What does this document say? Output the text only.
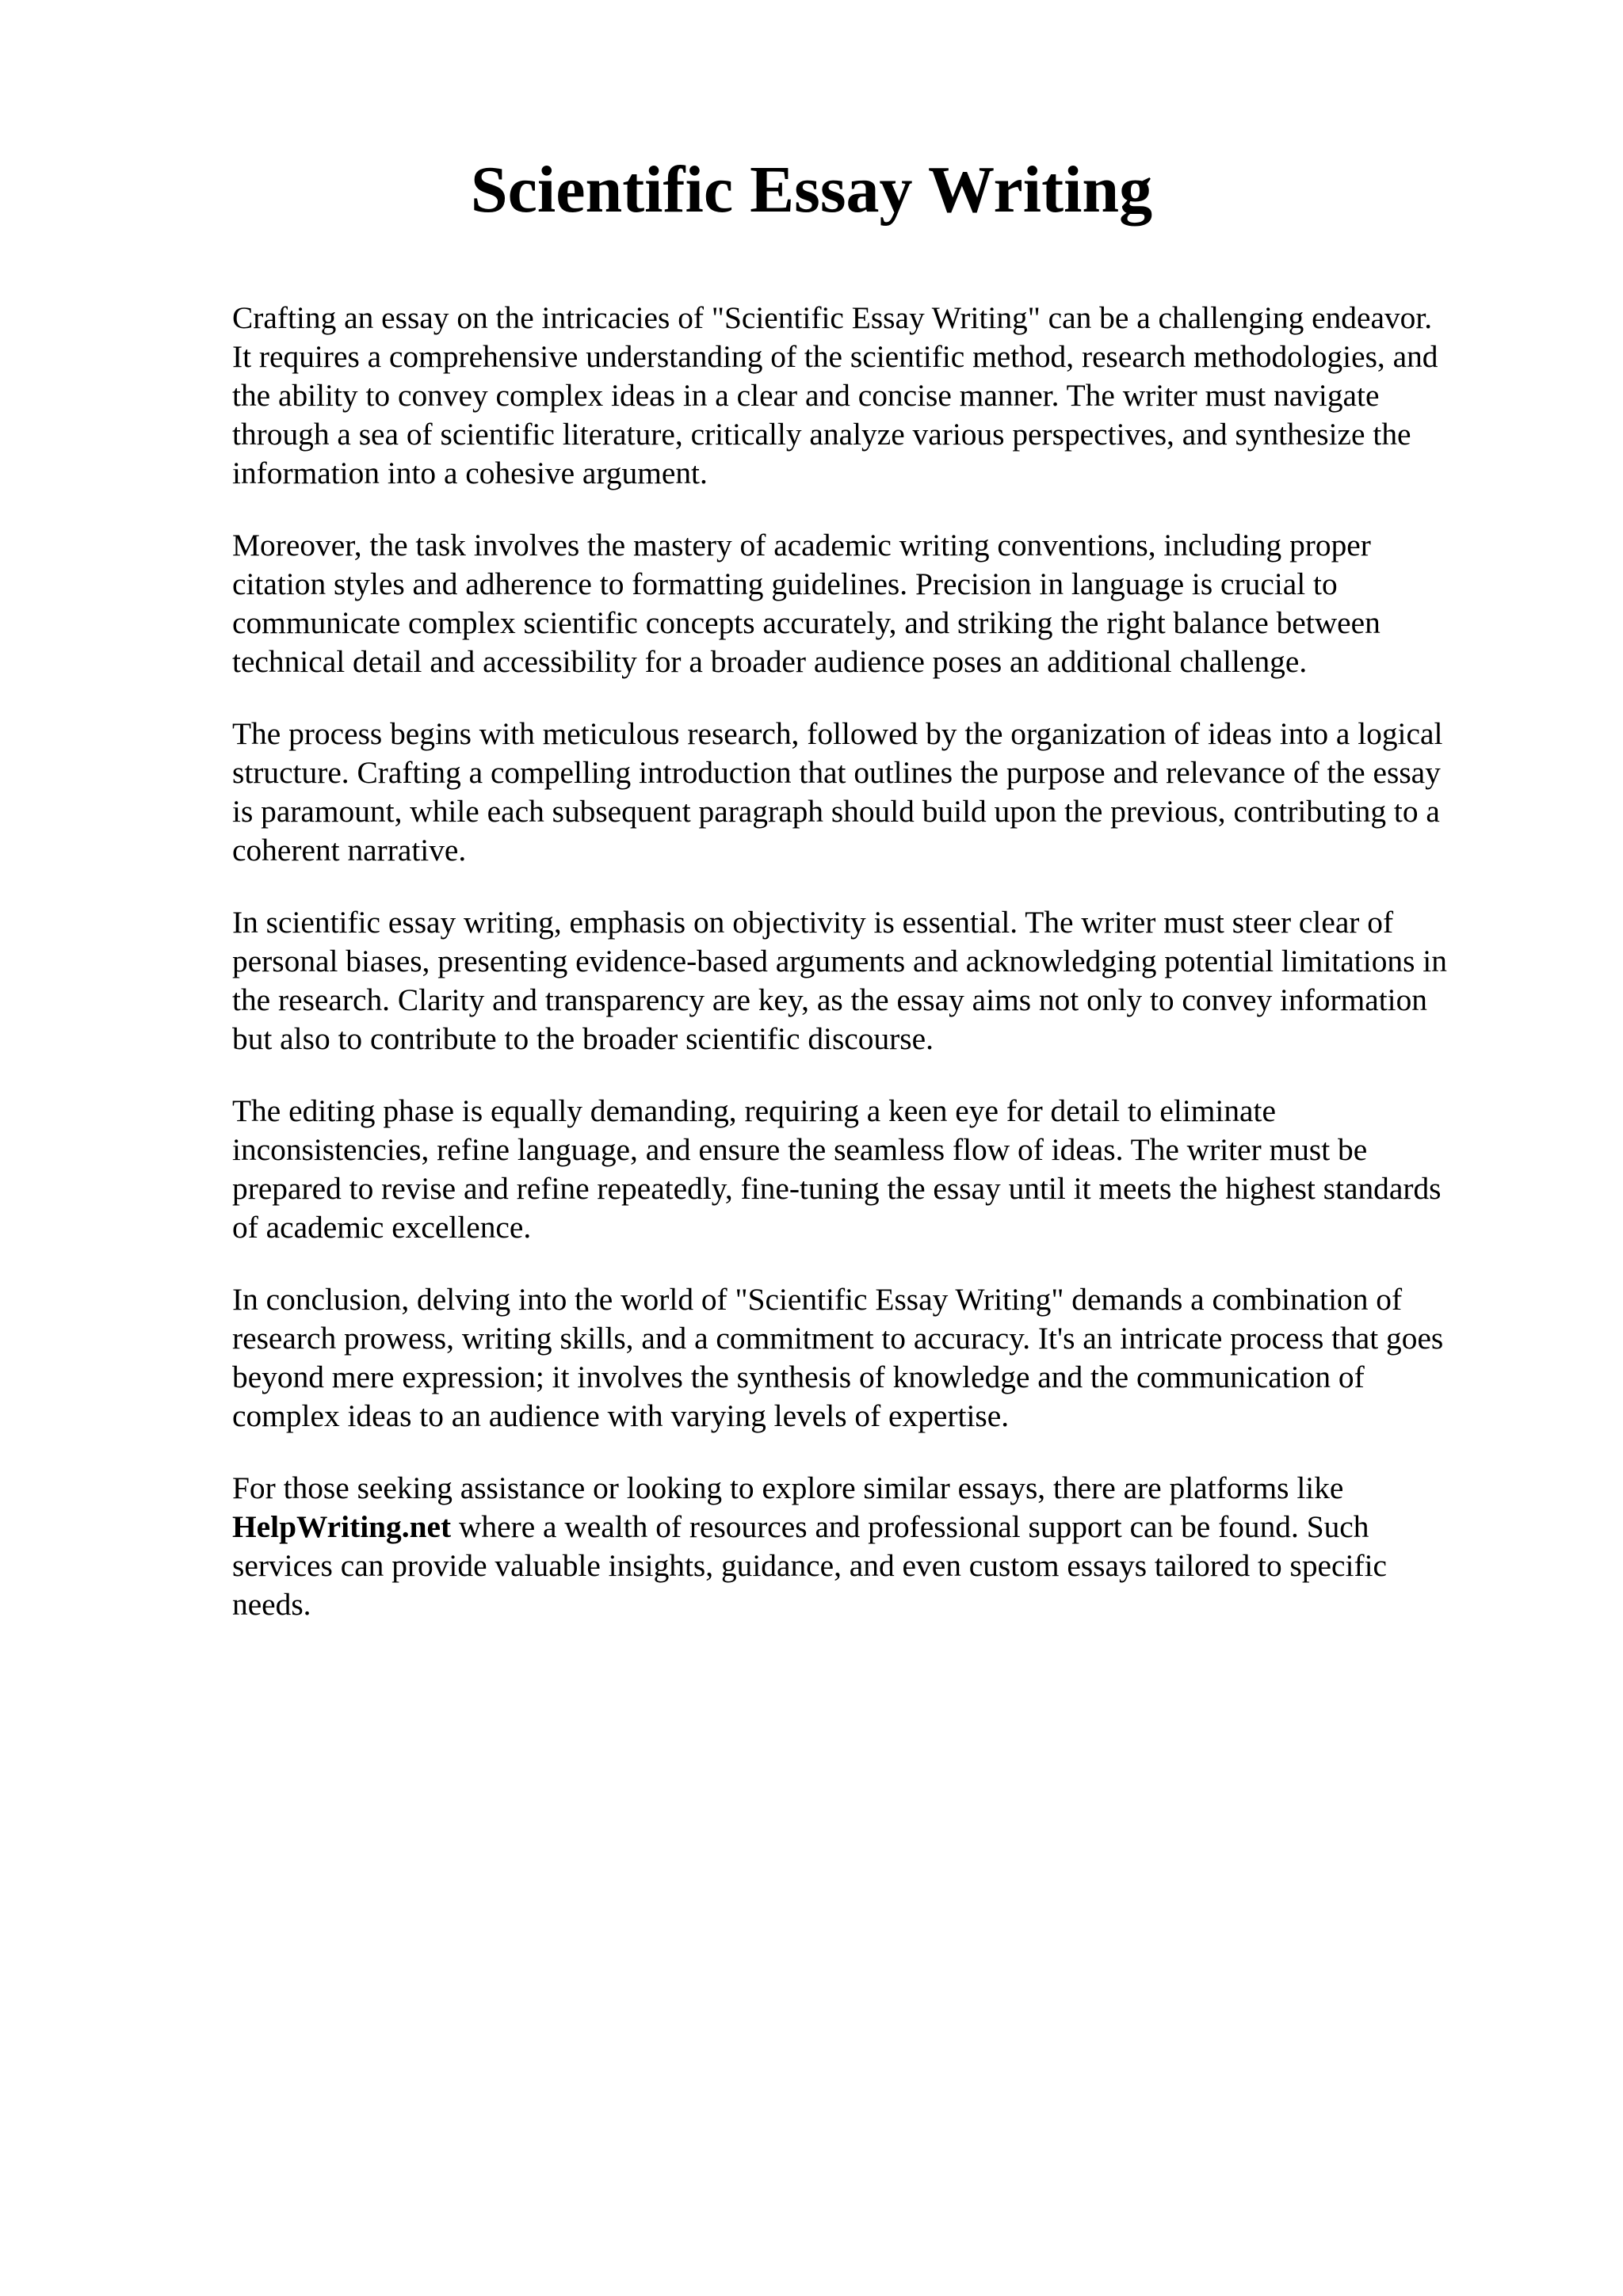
Scientific Essay Writing

Crafting an essay on the intricacies of "Scientific Essay Writing" can be a challenging endeavor.
It requires a comprehensive understanding of the scientific method, research methodologies, and
the ability to convey complex ideas in a clear and concise manner. The writer must navigate
through a sea of scientific literature, critically analyze various perspectives, and synthesize the
information into a cohesive argument.

Moreover, the task involves the mastery of academic writing conventions, including proper
citation styles and adherence to formatting guidelines. Precision in language is crucial to
communicate complex scientific concepts accurately, and striking the right balance between
technical detail and accessibility for a broader audience poses an additional challenge.

The process begins with meticulous research, followed by the organization of ideas into a logical
structure. Crafting a compelling introduction that outlines the purpose and relevance of the essay
is paramount, while each subsequent paragraph should build upon the previous, contributing to a
coherent narrative.

In scientific essay writing, emphasis on objectivity is essential. The writer must steer clear of
personal biases, presenting evidence-based arguments and acknowledging potential limitations in
the research. Clarity and transparency are key, as the essay aims not only to convey information
but also to contribute to the broader scientific discourse.

The editing phase is equally demanding, requiring a keen eye for detail to eliminate
inconsistencies, refine language, and ensure the seamless flow of ideas. The writer must be
prepared to revise and refine repeatedly, fine-tuning the essay until it meets the highest standards
of academic excellence.

In conclusion, delving into the world of "Scientific Essay Writing" demands a combination of
research prowess, writing skills, and a commitment to accuracy. It's an intricate process that goes
beyond mere expression; it involves the synthesis of knowledge and the communication of
complex ideas to an audience with varying levels of expertise.

For those seeking assistance or looking to explore similar essays, there are platforms like
HelpWriting.net where a wealth of resources and professional support can be found. Such
services can provide valuable insights, guidance, and even custom essays tailored to specific
needs.
